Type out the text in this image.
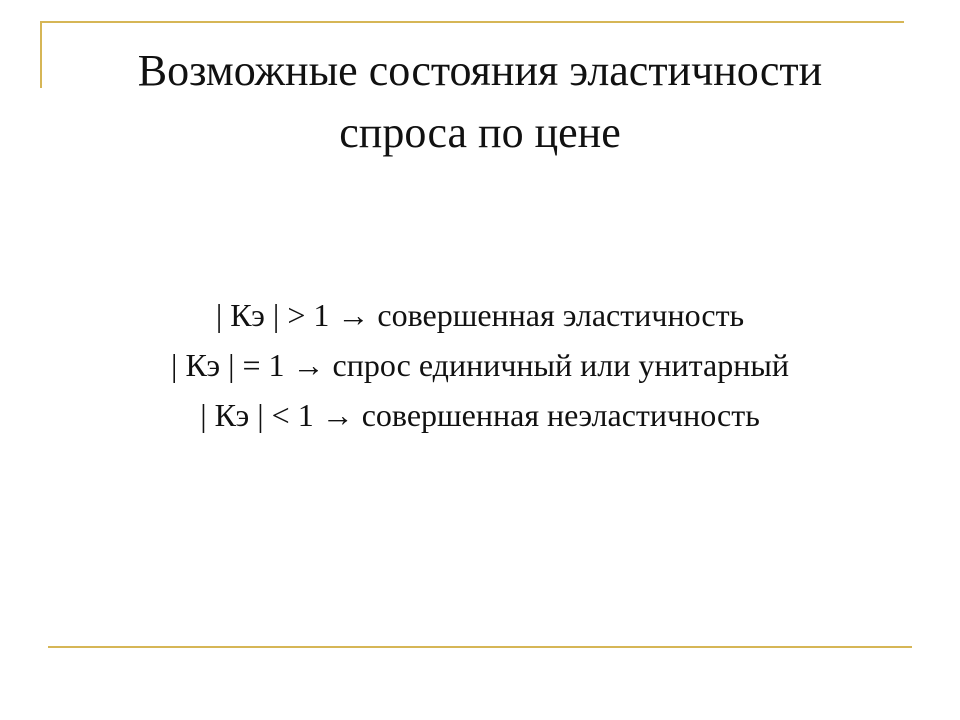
Возможные состояния эластичности
спроса по цене

| Кэ | > 1 → совершенная эластичность

| Кэ | = 1 → спрос единичный или унитарный

| Кэ | < 1 → совершенная неэластичность
